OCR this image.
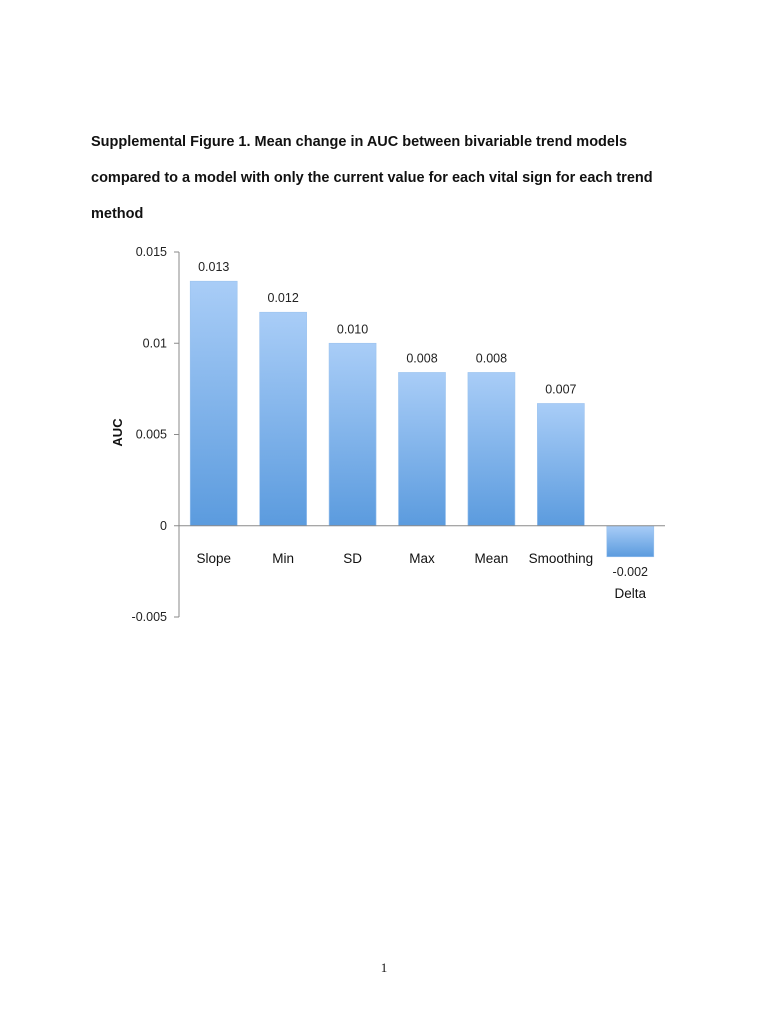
Supplemental Figure 1. Mean change in AUC between bivariable trend models
compared to a model with only the current value for each vital sign for each trend
method
-0.005
0
0.005
0.01
0.015
AUC
0.013
Slope
0.012
Min
0.010
SD
0.008
Max
0.008
Mean
0.007
Smoothing
-0.002
Delta
1
